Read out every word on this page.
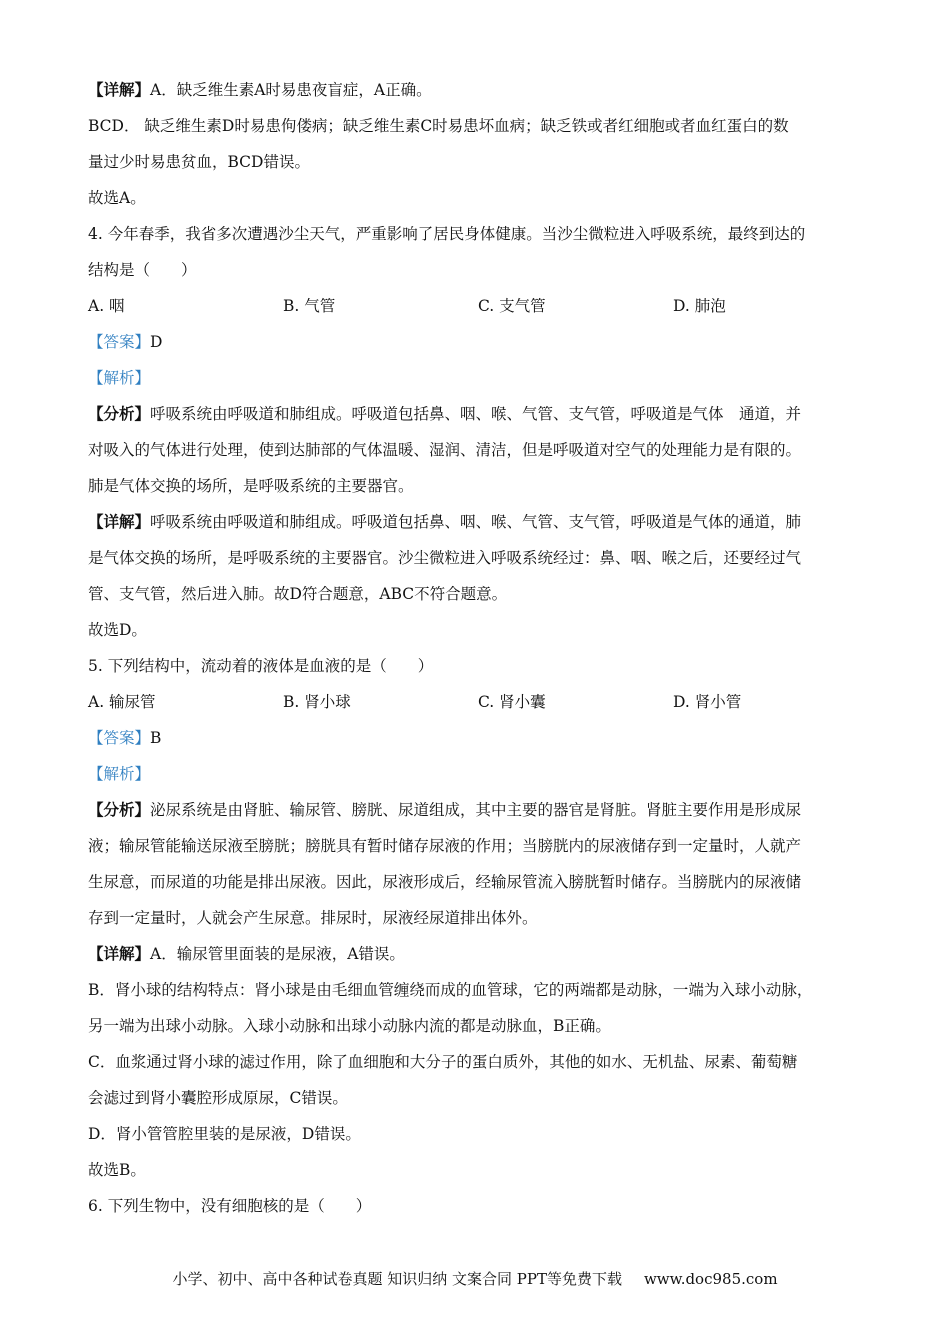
【详解】A．缺乏维生素A时易患夜盲症，A正确。
BCD． 缺乏维生素D时易患佝偻病；缺乏维生素C时易患坏血病；缺乏铁或者红细胞或者血红蛋白的数
量过少时易患贫血，BCD错误。
故选A。
4. 今年春季，我省多次遭遇沙尘天气，严重影响了居民身体健康。当沙尘微粒进入呼吸系统，最终到达的
结构是（　　）
A. 咽	B. 气管	C. 支气管	D. 肺泡
【答案】D
【解析】
【分析】呼吸系统由呼吸道和肺组成。呼吸道包括鼻、咽、喉、气管、支气管，呼吸道是气体　通道，并
对吸入的气体进行处理，使到达肺部的气体温暖、湿润、清洁，但是呼吸道对空气的处理能力是有限的。
肺是气体交换的场所，是呼吸系统的主要器官。
【详解】呼吸系统由呼吸道和肺组成。呼吸道包括鼻、咽、喉、气管、支气管，呼吸道是气体的通道，肺
是气体交换的场所，是呼吸系统的主要器官。沙尘微粒进入呼吸系统经过：鼻、咽、喉之后，还要经过气
管、支气管，然后进入肺。故D符合题意，ABC不符合题意。
故选D。
5. 下列结构中，流动着的液体是血液的是（　　）
A. 输尿管	B. 肾小球	C. 肾小囊	D. 肾小管
【答案】B
【解析】
【分析】泌尿系统是由肾脏、输尿管、膀胱、尿道组成，其中主要的器官是肾脏。肾脏主要作用是形成尿
液；输尿管能输送尿液至膀胱；膀胱具有暂时储存尿液的作用；当膀胱内的尿液储存到一定量时，人就产
生尿意，而尿道的功能是排出尿液。因此，尿液形成后，经输尿管流入膀胱暂时储存。当膀胱内的尿液储
存到一定量时，人就会产生尿意。排尿时，尿液经尿道排出体外。
【详解】A．输尿管里面装的是尿液，A错误。
B．肾小球的结构特点：肾小球是由毛细血管缠绕而成的血管球，它的两端都是动脉，一端为入球小动脉，
另一端为出球小动脉。入球小动脉和出球小动脉内流的都是动脉血，B正确。
C．血浆通过肾小球的滤过作用，除了血细胞和大分子的蛋白质外，其他的如水、无机盐、尿素、葡萄糖
会滤过到肾小囊腔形成原尿，C错误。
D．肾小管管腔里装的是尿液，D错误。
故选B。
6. 下列生物中，没有细胞核的是（　　）
小学、初中、高中各种试卷真题 知识归纳 文案合同 PPT等免费下载 www.doc985.com
